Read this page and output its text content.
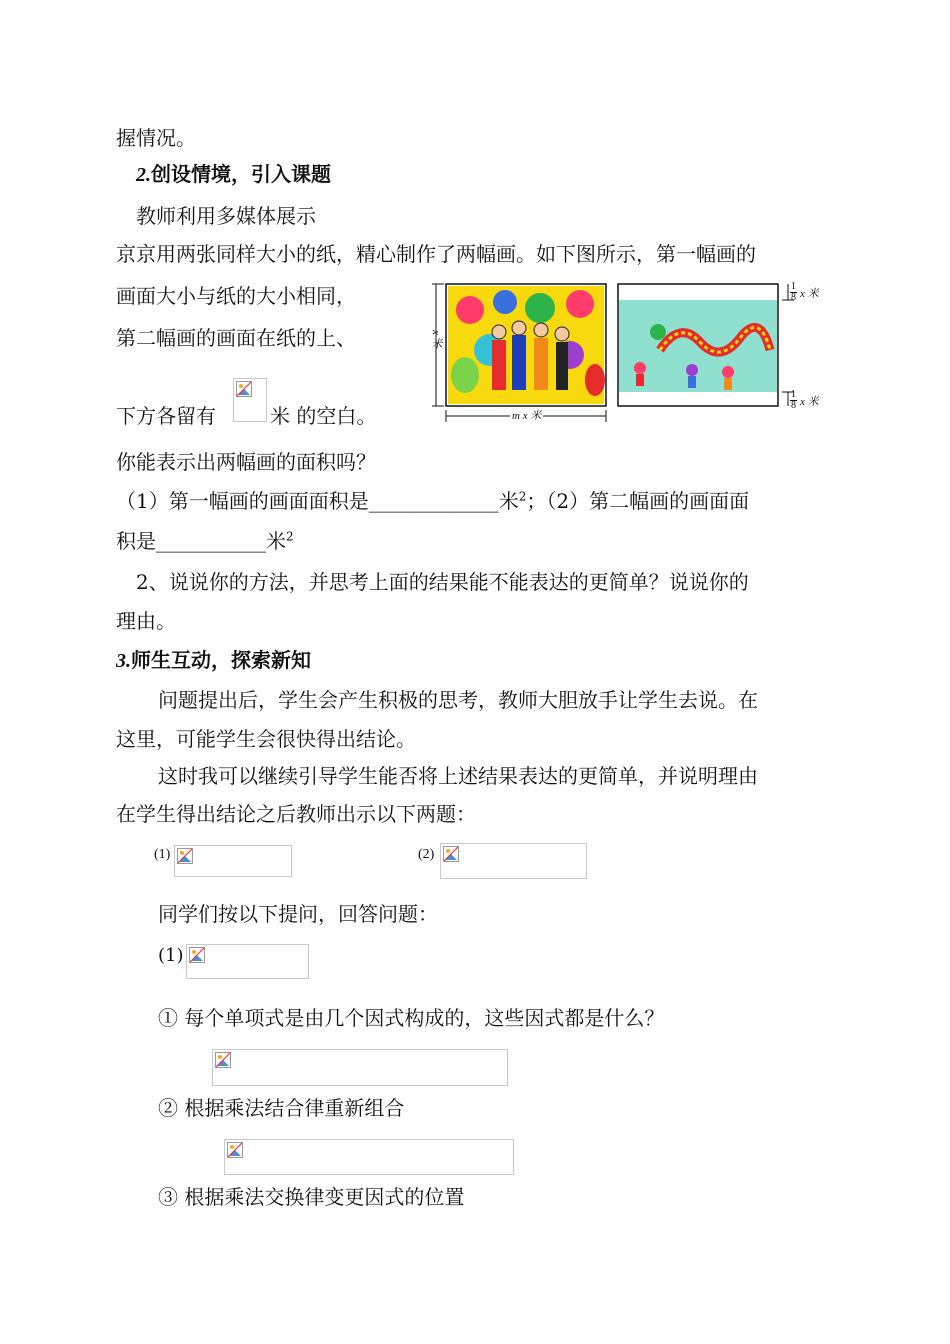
握情况。
2.创设情境，引入课题
教师利用多媒体展示
京京用两张同样大小的纸，精心制作了两幅画。如下图所示，第一幅画的
画面大小与纸的大小相同，
第二幅画的画面在纸的上、
下方各留有	米 的空白。
你能表示出两幅画的面积吗？
（1）第一幅画的画面面积是_____________米$^2$；（2）第二幅画的画面面
积是___________米$^2$
2、说说你的方法，并思考上面的结果能不能表达的更简单？说说你的
理由。
3.师生互动，探索新知
问题提出后，学生会产生积极的思考，教师大胆放手让学生去说。在
这里，可能学生会很快得出结论。
这时我可以继续引导学生能否将上述结果表达的更简单，并说明理由
在学生得出结论之后教师出示以下两题：
(1)	(2)
同学们按以下提问，回答问题：
(1)
① 每个单项式是由几个因式构成的，这些因式都是什么？
② 根据乘法结合律重新组合
③ 根据乘法交换律变更因式的位置
x 米
m x 米
1
8 x 米
1
8 x 米
